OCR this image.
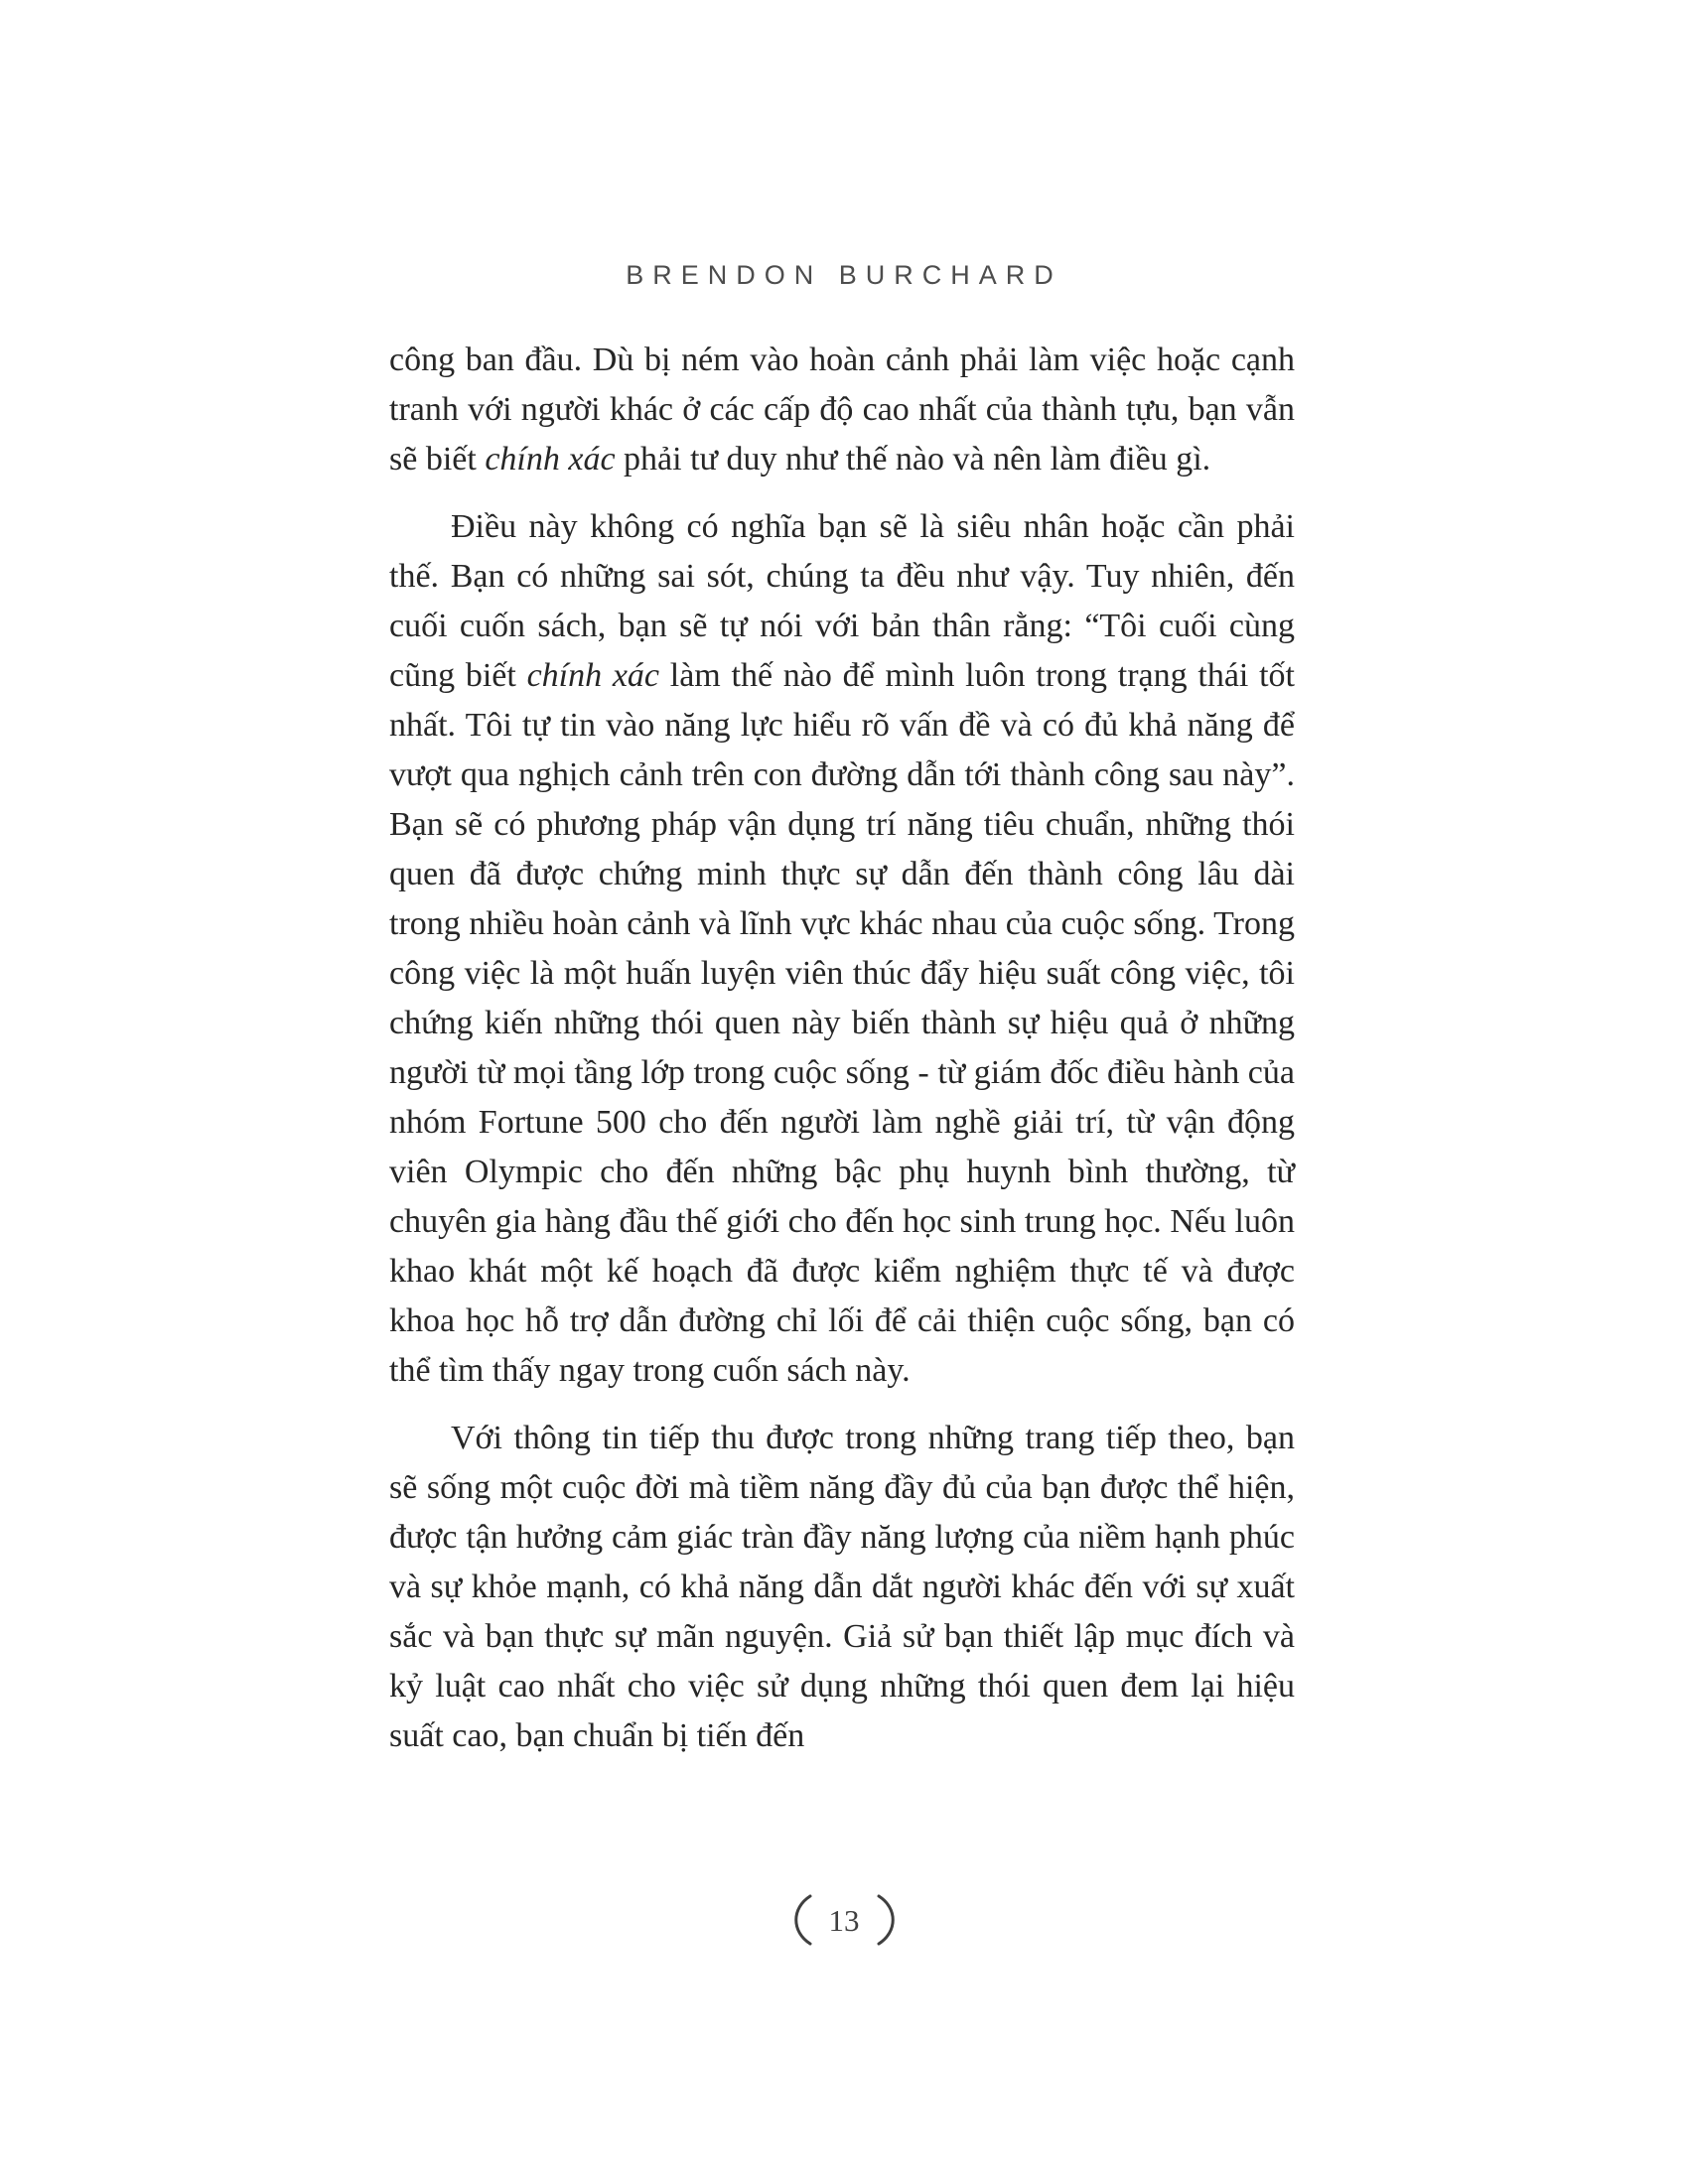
BRENDON BURCHARD

công ban đầu. Dù bị ném vào hoàn cảnh phải làm việc hoặc cạnh tranh với người khác ở các cấp độ cao nhất của thành tựu, bạn vẫn sẽ biết chính xác phải tư duy như thế nào và nên làm điều gì.

Điều này không có nghĩa bạn sẽ là siêu nhân hoặc cần phải thế. Bạn có những sai sót, chúng ta đều như vậy. Tuy nhiên, đến cuối cuốn sách, bạn sẽ tự nói với bản thân rằng: “Tôi cuối cùng cũng biết chính xác làm thế nào để mình luôn trong trạng thái tốt nhất. Tôi tự tin vào năng lực hiểu rõ vấn đề và có đủ khả năng để vượt qua nghịch cảnh trên con đường dẫn tới thành công sau này”. Bạn sẽ có phương pháp vận dụng trí năng tiêu chuẩn, những thói quen đã được chứng minh thực sự dẫn đến thành công lâu dài trong nhiều hoàn cảnh và lĩnh vực khác nhau của cuộc sống. Trong công việc là một huấn luyện viên thúc đẩy hiệu suất công việc, tôi chứng kiến những thói quen này biến thành sự hiệu quả ở những người từ mọi tầng lớp trong cuộc sống - từ giám đốc điều hành của nhóm Fortune 500 cho đến người làm nghề giải trí, từ vận động viên Olympic cho đến những bậc phụ huynh bình thường, từ chuyên gia hàng đầu thế giới cho đến học sinh trung học. Nếu luôn khao khát một kế hoạch đã được kiểm nghiệm thực tế và được khoa học hỗ trợ dẫn đường chỉ lối để cải thiện cuộc sống, bạn có thể tìm thấy ngay trong cuốn sách này.

Với thông tin tiếp thu được trong những trang tiếp theo, bạn sẽ sống một cuộc đời mà tiềm năng đầy đủ của bạn được thể hiện, được tận hưởng cảm giác tràn đầy năng lượng của niềm hạnh phúc và sự khỏe mạnh, có khả năng dẫn dắt người khác đến với sự xuất sắc và bạn thực sự mãn nguyện. Giả sử bạn thiết lập mục đích và kỷ luật cao nhất cho việc sử dụng những thói quen đem lại hiệu suất cao, bạn chuẩn bị tiến đến

13
